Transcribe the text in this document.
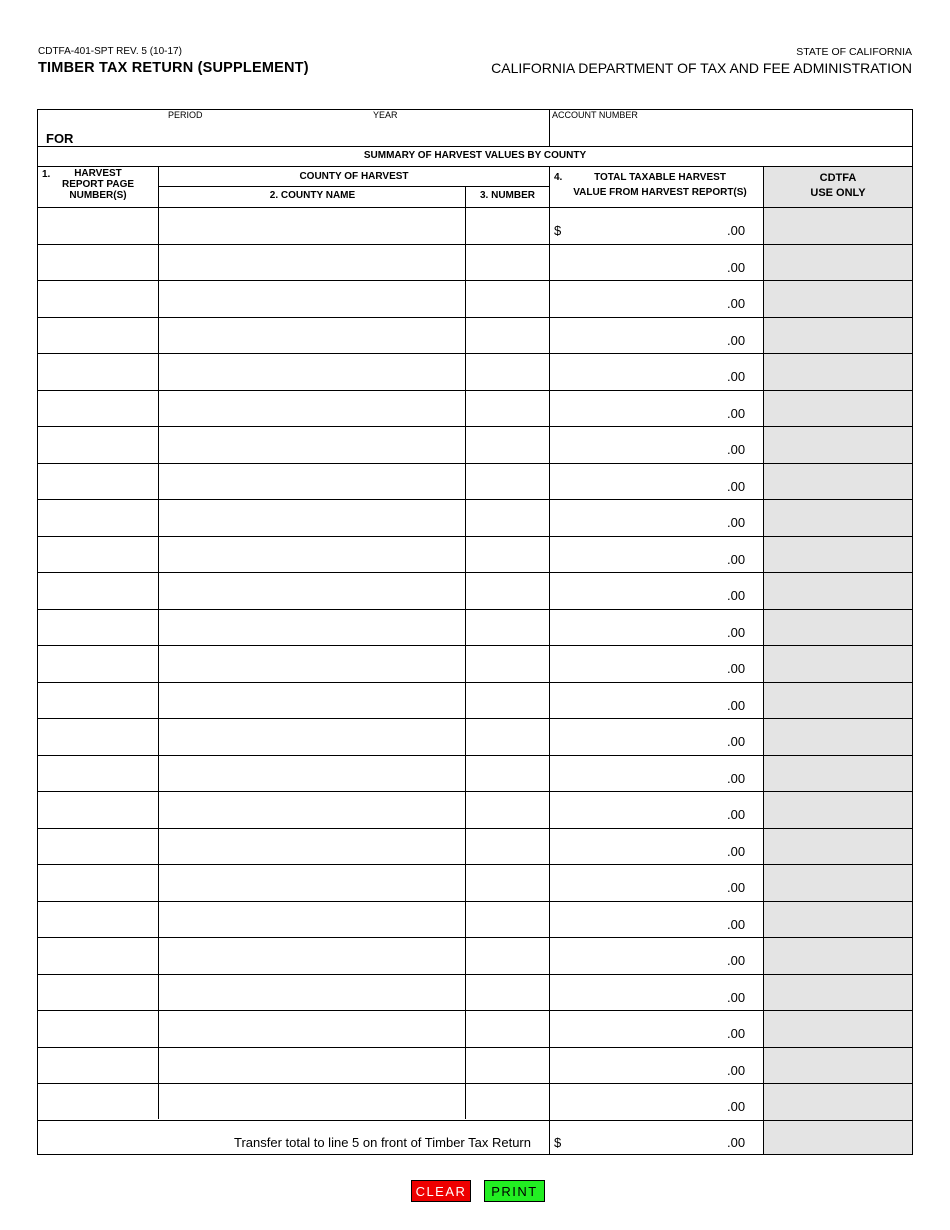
CDTFA-401-SPT REV. 5 (10-17)
TIMBER TAX RETURN (SUPPLEMENT)
STATE OF CALIFORNIA
CALIFORNIA DEPARTMENT OF TAX AND FEE ADMINISTRATION
PERIOD	YEAR
FOR
ACCOUNT NUMBER
SUMMARY OF HARVEST VALUES BY COUNTY
1.	HARVEST
REPORT PAGE
NUMBER(S)
COUNTY OF HARVEST
2. COUNTY NAME	3. NUMBER
4.	TOTAL TAXABLE HARVEST
VALUE FROM HARVEST REPORT(S)
CDTFA
USE ONLY
$	.00
.00
.00
.00
.00
.00
.00
.00
.00
.00
.00
.00
.00
.00
.00
.00
.00
.00
.00
.00
.00
.00
.00
.00
.00
Transfer total to line 5 on front of Timber Tax Return $	.00
CLEAR	PRINT
